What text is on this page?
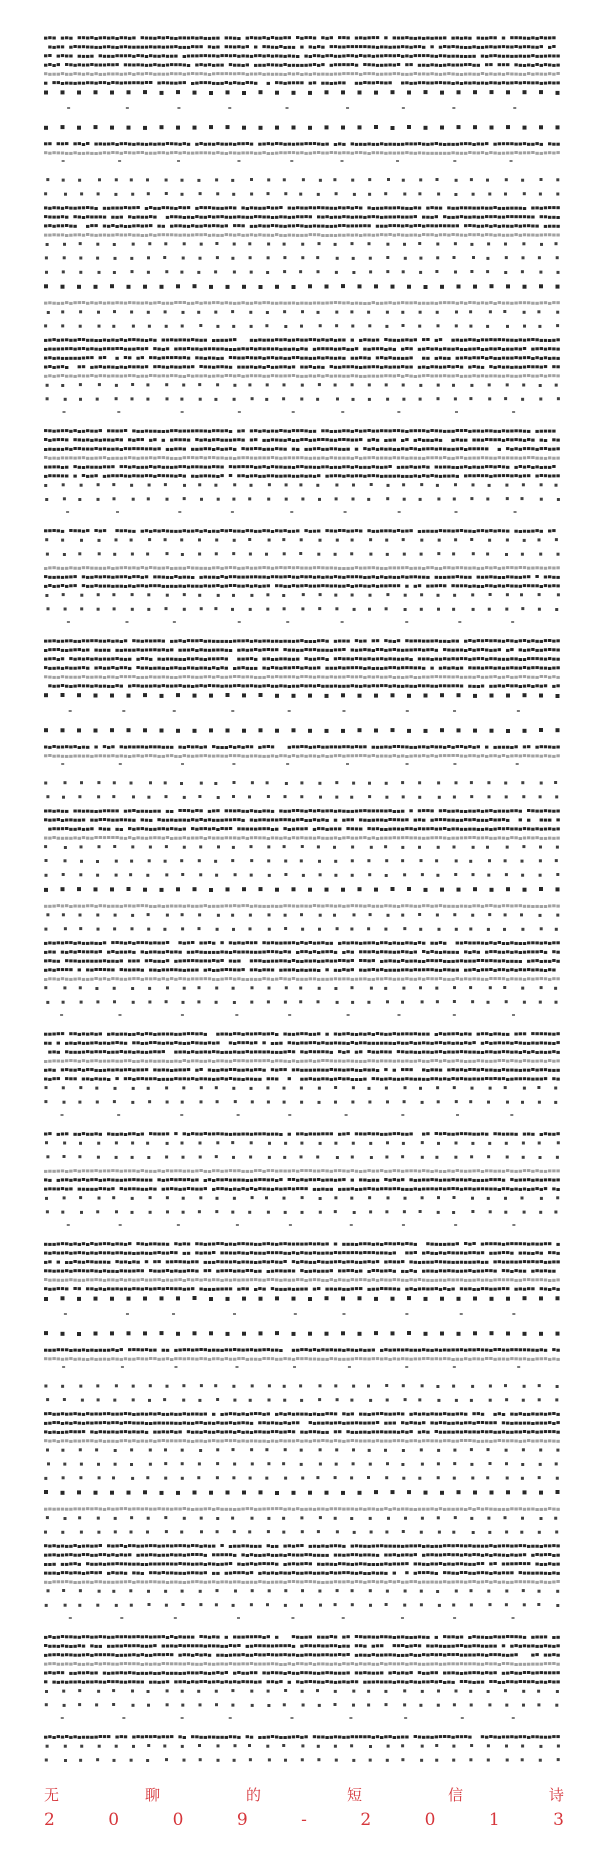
无	聊	的	短	信	诗
2	0	0	9	-	2	0	1	3
